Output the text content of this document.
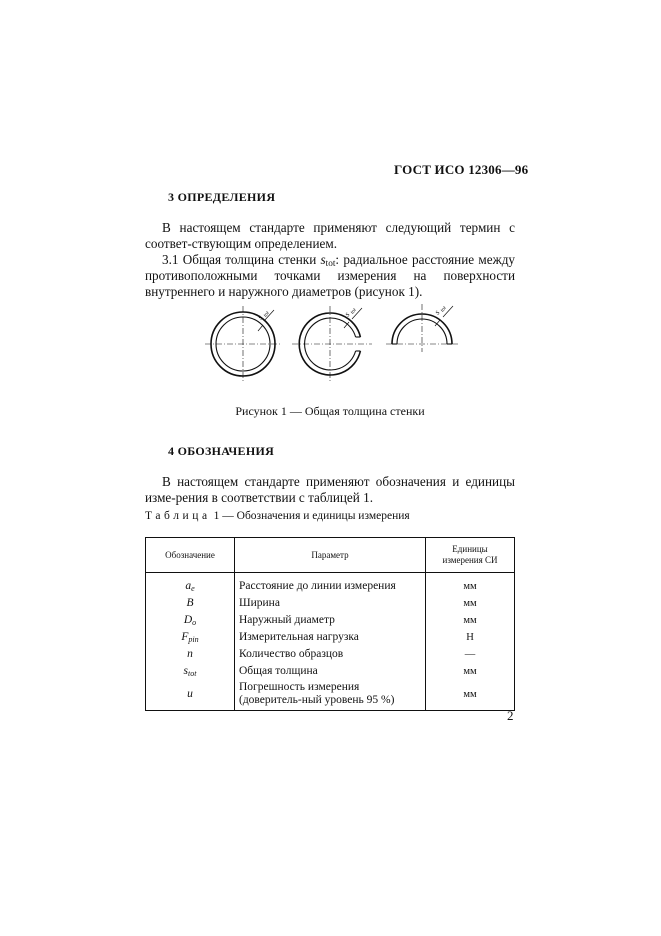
ГОСТ ИСО 12306—96
3 ОПРЕДЕЛЕНИЯ

В настоящем стандарте применяют следующий термин с соответ-ствующим определением.

3.1 Общая толщина стенки $s_{tot}$: радиальное расстояние между противоположными точками измерения на поверхности внутреннего и наружного диаметров (рисунок 1).

s
tot	s
tot	s
tot
Рисунок 1 — Общая толщина стенки
4 ОБОЗНАЧЕНИЯ

В настоящем стандарте применяют обозначения и единицы изме-рения в соответствии с таблицей 1.

Таблица 1 — Обозначения и единицы измерения
Обозначение	Параметр	Единицы
измерения СИ
$a_e$	Расстояние до линии измерения	мм
B	Ширина	мм
$D_o$	Наружный диаметр	мм
$F_{pin}$	Измерительная нагрузка	Н
n	Количество образцов	—
$s_{tot}$	Общая толщина	мм
u	Погрешность измерения (доверитель-ный уровень 95 %)	мм
2
